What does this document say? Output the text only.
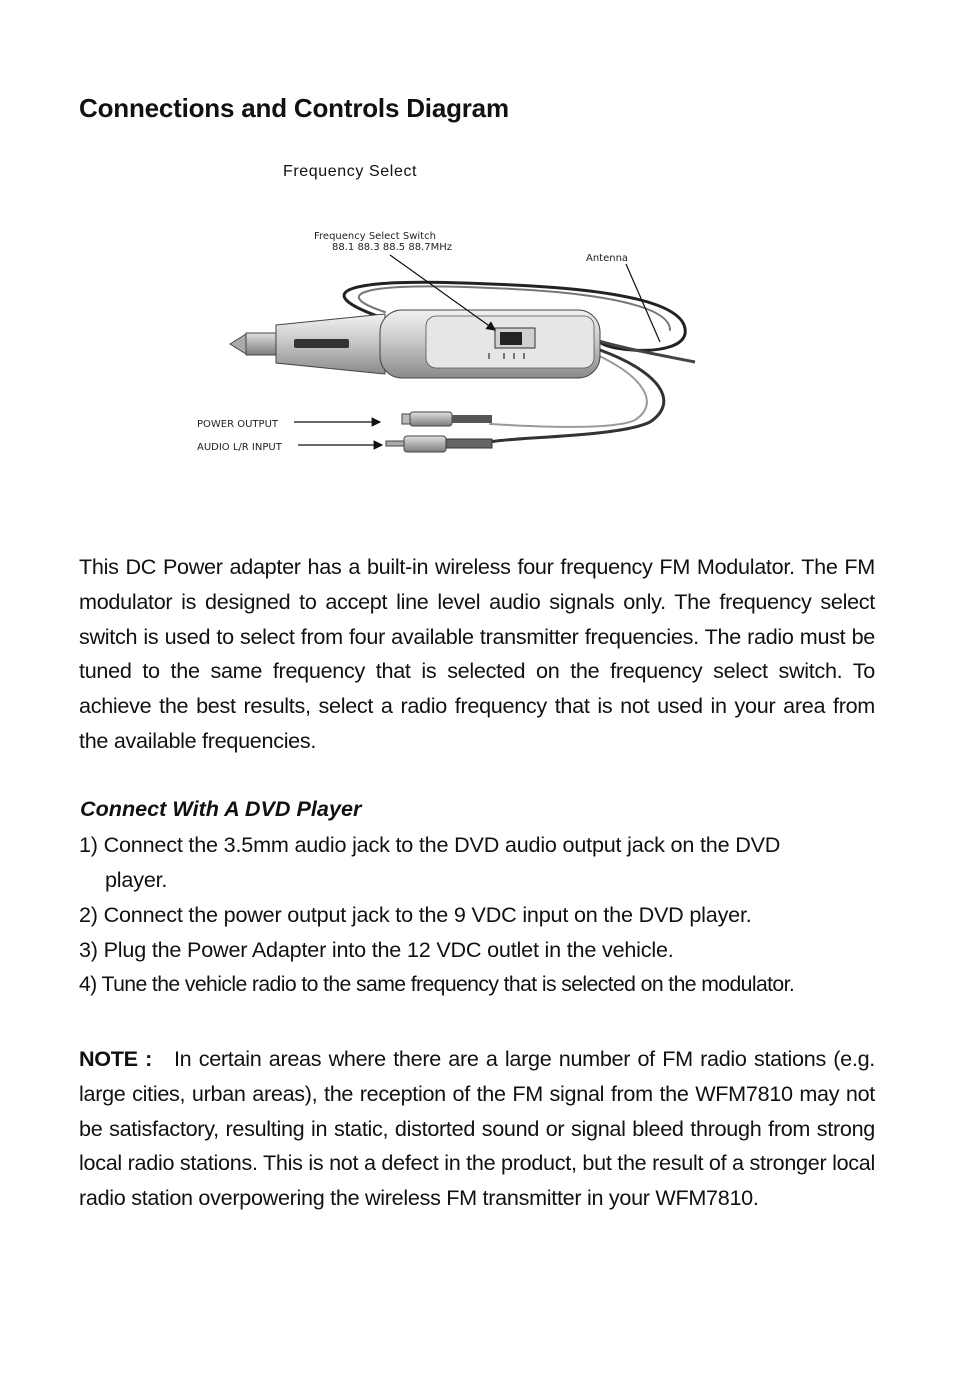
Connections and Controls Diagram
Frequency Select
Frequency Select Switch
88.1 88.3 88.5 88.7MHz
Antenna
POWER OUTPUT
AUDIO L/R INPUT

This DC Power adapter has a built-in wireless four frequency FM Modulator. The FM modulator is designed to accept line level audio signals only. The frequency select switch is used to select from four available transmitter frequencies. The radio must be tuned to the same frequency that is selected on the frequency select switch. To achieve the best results, select a radio frequency that is not used in your area from the available frequencies.

Connect With A DVD Player
1) Connect the 3.5mm audio jack to the DVD audio output jack on the DVD
player.
2) Connect the power output jack to the 9 VDC input on the DVD player.
3) Plug the Power Adapter into the 12 VDC outlet in the vehicle.
4) Tune the vehicle radio to the same frequency that is selected on the modulator.

NOTE : In certain areas where there are a large number of FM radio stations (e.g. large cities, urban areas), the reception of the FM signal from the WFM7810 may not be satisfactory, resulting in static, distorted sound or signal bleed through from strong local radio stations. This is not a defect in the product, but the result of a stronger local radio station overpowering the wireless FM transmitter in your WFM7810.
